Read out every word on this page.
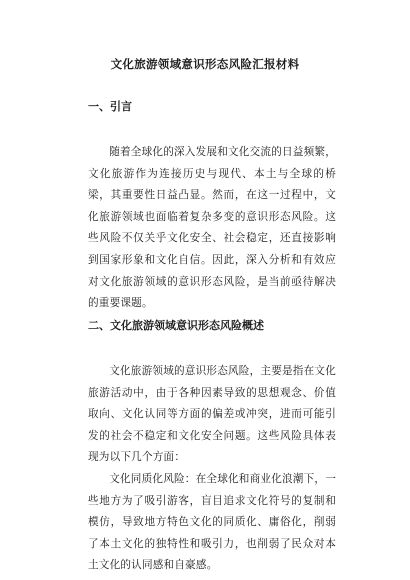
文化旅游领域意识形态风险汇报材料
一、引言

随着全球化的深入发展和文化交流的日益频繁，文化旅游作为连接历史与现代、本土与全球的桥梁，其重要性日益凸显。然而，在这一过程中，文化旅游领域也面临着复杂多变的意识形态风险。这些风险不仅关乎文化安全、社会稳定，还直接影响到国家形象和文化自信。因此，深入分析和有效应对文化旅游领域的意识形态风险，是当前亟待解决的重要课题。

二、文化旅游领域意识形态风险概述

文化旅游领域的意识形态风险，主要是指在文化旅游活动中，由于各种因素导致的思想观念、价值取向、文化认同等方面的偏差或冲突，进而可能引发的社会不稳定和文化安全问题。这些风险具体表现为以下几个方面：

文化同质化风险：在全球化和商业化浪潮下，一些地方为了吸引游客，盲目追求文化符号的复制和模仿，导致地方特色文化的同质化、庸俗化，削弱了本土文化的独特性和吸引力，也削弱了民众对本土文化的认同感和自豪感。
